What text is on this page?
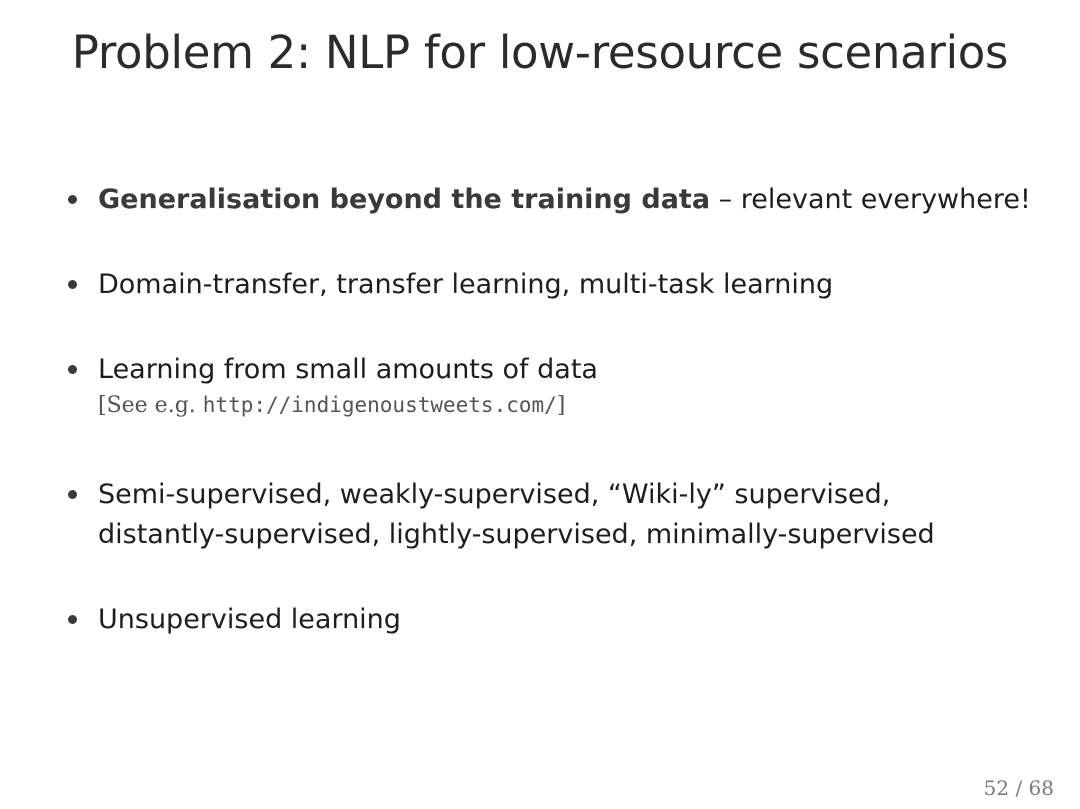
Problem 2: NLP for low-resource scenarios
Generalisation beyond the training data – relevant everywhere!
Domain-transfer, transfer learning, multi-task learning
Learning from small amounts of data
[See e.g. http://indigenoustweets.com/]
Semi-supervised, weakly-supervised, “Wiki-ly” supervised,
distantly-supervised, lightly-supervised, minimally-supervised
Unsupervised learning
52 / 68
